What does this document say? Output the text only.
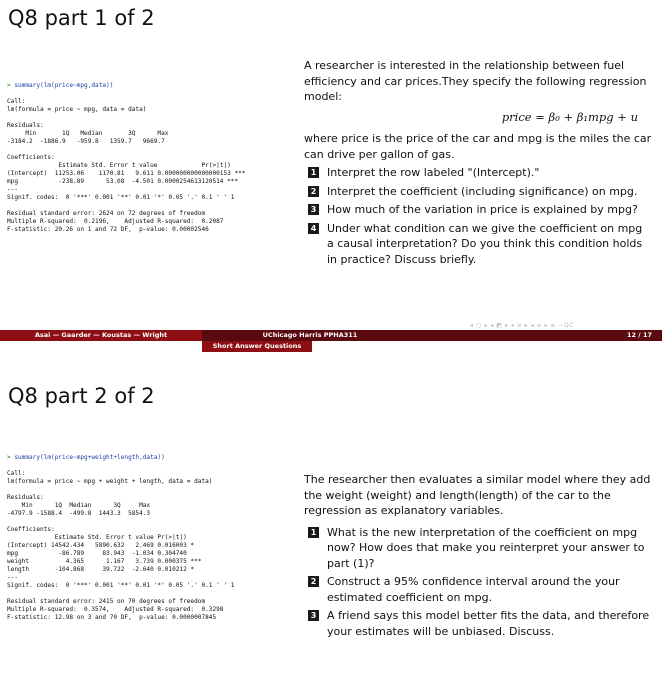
Q8 part 1 of 2
> summary(lm(price~mpg,data))
Call:
lm(formula = price ~ mpg, data = data)
Residuals:
Min       1Q   Median       3Q      Max
-3184.2  -1886.9   -959.8   1359.7   9669.7
Coefficients:
Estimate Std. Error t value            Pr(>|t|)
(Intercept)  11253.06    1170.81   9.611 0.000000000000000153 ***
mpg           -238.89      53.08  -4.501 0.0000254613120514 ***
---
Signif. codes:  0 '***' 0.001 '**' 0.01 '*' 0.05 '.' 0.1 ' ' 1
Residual standard error: 2624 on 72 degrees of freedom
Multiple R-squared:  0.2196,    Adjusted R-squared:  0.2087
F-statistic: 20.26 on 1 and 72 DF,  p-value: 0.00002546

A researcher is interested in the relationship between fuel efficiency and car prices.They specify the following regression model:

price = β₀ + β₁mpg + u

where price is the price of the car and mpg is the miles the car can drive per gallon of gas.

1 Interpret the row labeled "(Intercept)."
2 Interpret the coefficient (including significance) on mpg.
3 How much of the variation in price is explained by mpg?
4 Under what condition can we give the coefficient on mpg a causal interpretation? Do you think this condition holds in practice? Discuss briefly.
◂ ▢ ▸ ◂ ◩ ▸ ◂ ≡ ▸ ◂ ≡ ▸ ≡ ∽QC
Asai — Gaarder — Koustas — Wright	UChicago Harris PPHA311	12 / 17
Short Answer Questions
Q8 part 2 of 2
> summary(lm(price~mpg+weight+length,data))
Call:
lm(formula = price ~ mpg + weight + length, data = data)
Residuals:
Min      1Q  Median      3Q     Max
-4797.9 -1588.4  -499.8  1443.3  5854.3
Coefficients:
Estimate Std. Error t value Pr(>|t|)
(Intercept) 14542.434   5890.632   2.469 0.016003 *
mpg           -86.789     83.943  -1.034 0.304740
weight          4.365      1.167   3.739 0.000375 ***
length       -104.868     39.722  -2.640 0.010212 *
---
Signif. codes:  0 '***' 0.001 '**' 0.01 '*' 0.05 '.' 0.1 ' ' 1
Residual standard error: 2415 on 70 degrees of freedom
Multiple R-squared:  0.3574,    Adjusted R-squared:  0.3298
F-statistic: 12.98 on 3 and 70 DF,  p-value: 0.0000007845

The researcher then evaluates a similar model where they add the weight (weight) and length(length) of the car to the regression as explanatory variables.

1 What is the new interpretation of the coefficient on mpg now? How does that make you reinterpret your answer to part (1)?
2 Construct a 95% confidence interval around the your estimated coefficient on mpg.
3 A friend says this model better fits the data, and therefore your estimates will be unbiased. Discuss.
